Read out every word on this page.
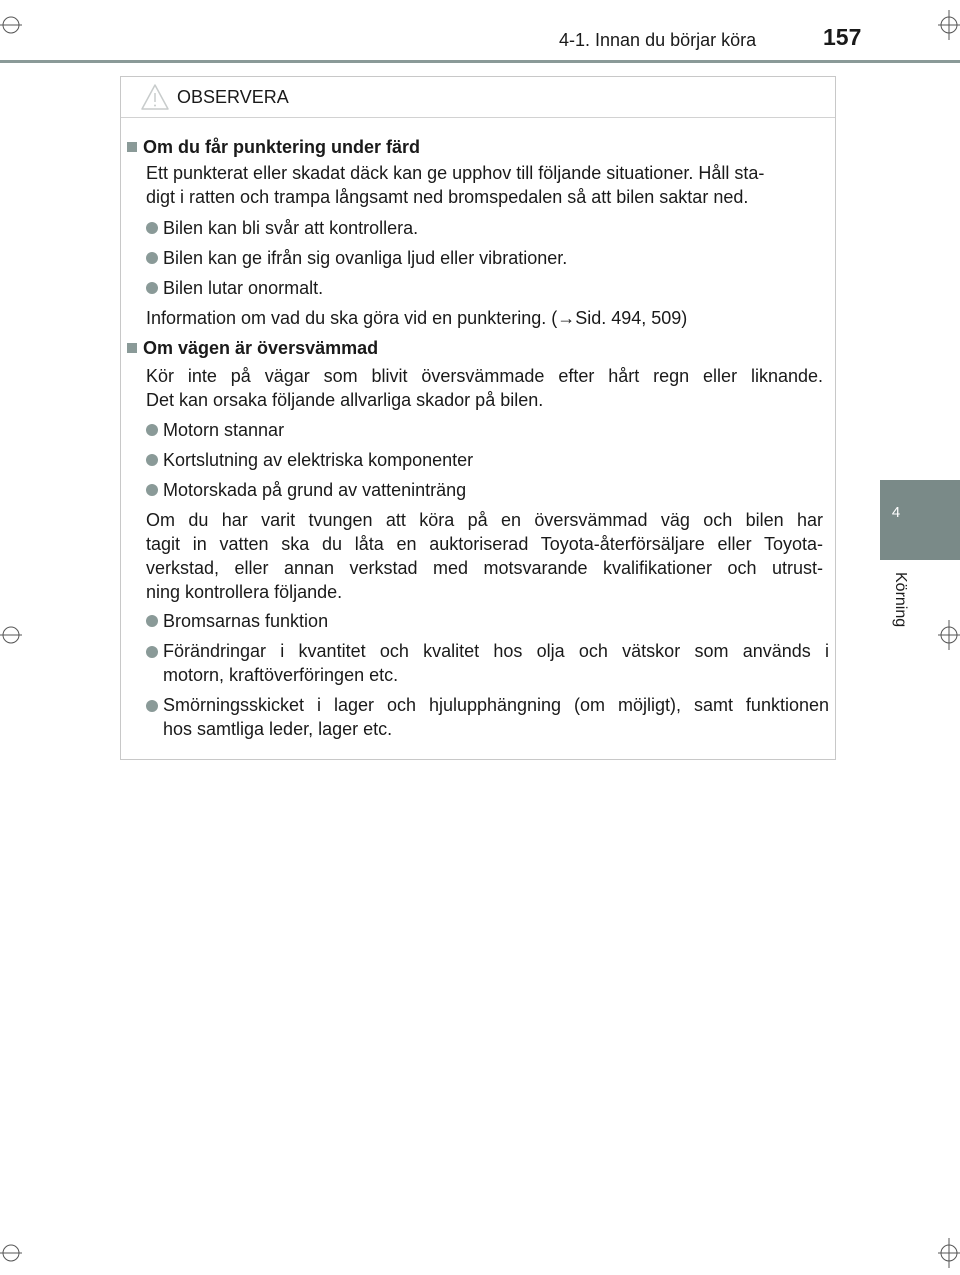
4-1. Innan du börjar köra	157
4
Körning
OBSERVERA
Om du får punktering under färd
Ett punkterat eller skadat däck kan ge upphov till följande situationer. Håll sta-
digt i ratten och trampa långsamt ned bromspedalen så att bilen saktar ned.
Bilen kan bli svår att kontrollera.
Bilen kan ge ifrån sig ovanliga ljud eller vibrationer.
Bilen lutar onormalt.
Information om vad du ska göra vid en punktering. (→Sid. 494, 509)
Om vägen är översvämmad
Kör inte på vägar som blivit översvämmade efter hårt regn eller liknande.
Det kan orsaka följande allvarliga skador på bilen.
Motorn stannar
Kortslutning av elektriska komponenter
Motorskada på grund av vatteninträng
Om du har varit tvungen att köra på en översvämmad väg och bilen har
tagit in vatten ska du låta en auktoriserad Toyota-återförsäljare eller Toyota-
verkstad, eller annan verkstad med motsvarande kvalifikationer och utrust-
ning kontrollera följande.
Bromsarnas funktion
Förändringar i kvantitet och kvalitet hos olja och vätskor som används i
motorn, kraftöverföringen etc.
Smörningsskicket i lager och hjulupphängning (om möjligt), samt funktionen
hos samtliga leder, lager etc.
